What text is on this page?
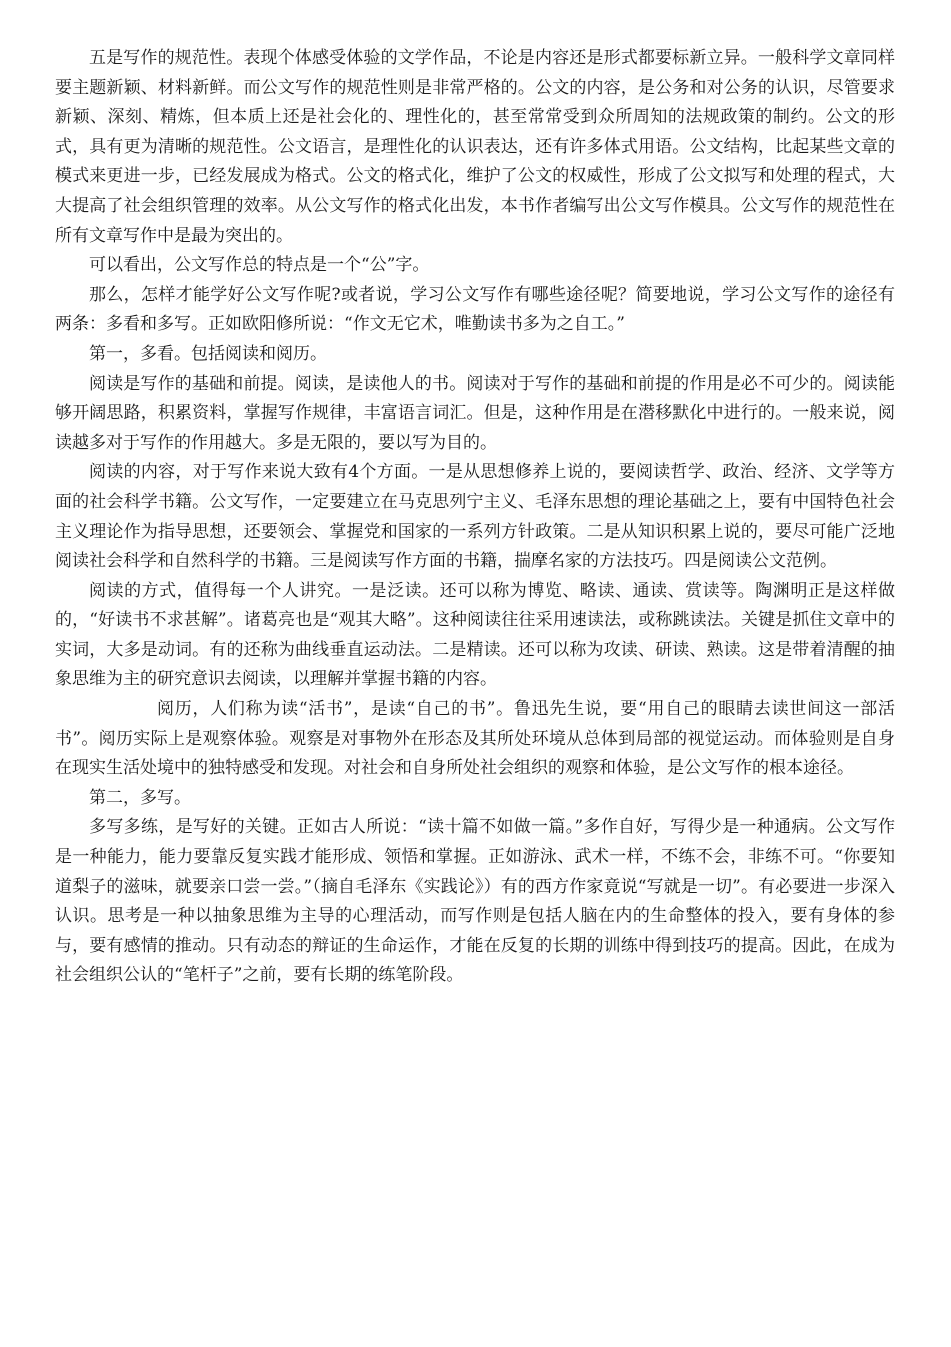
五是写作的规范性。表现个体感受体验的文学作品，不论是内容还是形式都要标新立异。一般科学文章同样要主题新颖、材料新鲜。而公文写作的规范性则是非常严格的。公文的内容，是公务和对公务的认识，尽管要求新颖、深刻、精炼，但本质上还是社会化的、理性化的，甚至常常受到众所周知的法规政策的制约。公文的形式，具有更为清晰的规范性。公文语言，是理性化的认识表达，还有许多体式用语。公文结构，比起某些文章的模式来更进一步，已经发展成为格式。公文的格式化，维护了公文的权威性，形成了公文拟写和处理的程式，大大提高了社会组织管理的效率。从公文写作的格式化出发，本书作者编写出公文写作模具。公文写作的规范性在所有文章写作中是最为突出的。

可以看出，公文写作总的特点是一个“公”字。

那么，怎样才能学好公文写作呢?或者说，学习公文写作有哪些途径呢？简要地说，学习公文写作的途径有两条：多看和多写。正如欧阳修所说：“作文无它术，唯勤读书多为之自工。”

第一，多看。包括阅读和阅历。

阅读是写作的基础和前提。阅读，是读他人的书。阅读对于写作的基础和前提的作用是必不可少的。阅读能够开阔思路，积累资料，掌握写作规律，丰富语言词汇。但是，这种作用是在潜移默化中进行的。一般来说，阅读越多对于写作的作用越大。多是无限的，要以写为目的。

阅读的内容，对于写作来说大致有4个方面。一是从思想修养上说的，要阅读哲学、政治、经济、文学等方面的社会科学书籍。公文写作，一定要建立在马克思列宁主义、毛泽东思想的理论基础之上，要有中国特色社会主义理论作为指导思想，还要领会、掌握党和国家的一系列方针政策。二是从知识积累上说的，要尽可能广泛地阅读社会科学和自然科学的书籍。三是阅读写作方面的书籍，揣摩名家的方法技巧。四是阅读公文范例。

阅读的方式，值得每一个人讲究。一是泛读。还可以称为博览、略读、通读、赏读等。陶渊明正是这样做的，“好读书不求甚解”。诸葛亮也是“观其大略”。这种阅读往往采用速读法，或称跳读法。关键是抓住文章中的实词，大多是动词。有的还称为曲线垂直运动法。二是精读。还可以称为攻读、研读、熟读。这是带着清醒的抽象思维为主的研究意识去阅读，以理解并掌握书籍的内容。

阅历，人们称为读“活书”，是读“自己的书”。鲁迅先生说，要“用自己的眼睛去读世间这一部活书”。阅历实际上是观察体验。观察是对事物外在形态及其所处环境从总体到局部的视觉运动。而体验则是自身在现实生活处境中的独特感受和发现。对社会和自身所处社会组织的观察和体验，是公文写作的根本途径。

第二，多写。

多写多练，是写好的关键。正如古人所说：“读十篇不如做一篇。”多作自好，写得少是一种通病。公文写作是一种能力，能力要靠反复实践才能形成、领悟和掌握。正如游泳、武术一样，不练不会，非练不可。“你要知道梨子的滋味，就要亲口尝一尝。”（摘自毛泽东《实践论》）有的西方作家竟说“写就是一切”。有必要进一步深入认识。思考是一种以抽象思维为主导的心理活动，而写作则是包括人脑在内的生命整体的投入，要有身体的参与，要有感情的推动。只有动态的辩证的生命运作，才能在反复的长期的训练中得到技巧的提高。因此，在成为社会组织公认的“笔杆子”之前，要有长期的练笔阶段。
